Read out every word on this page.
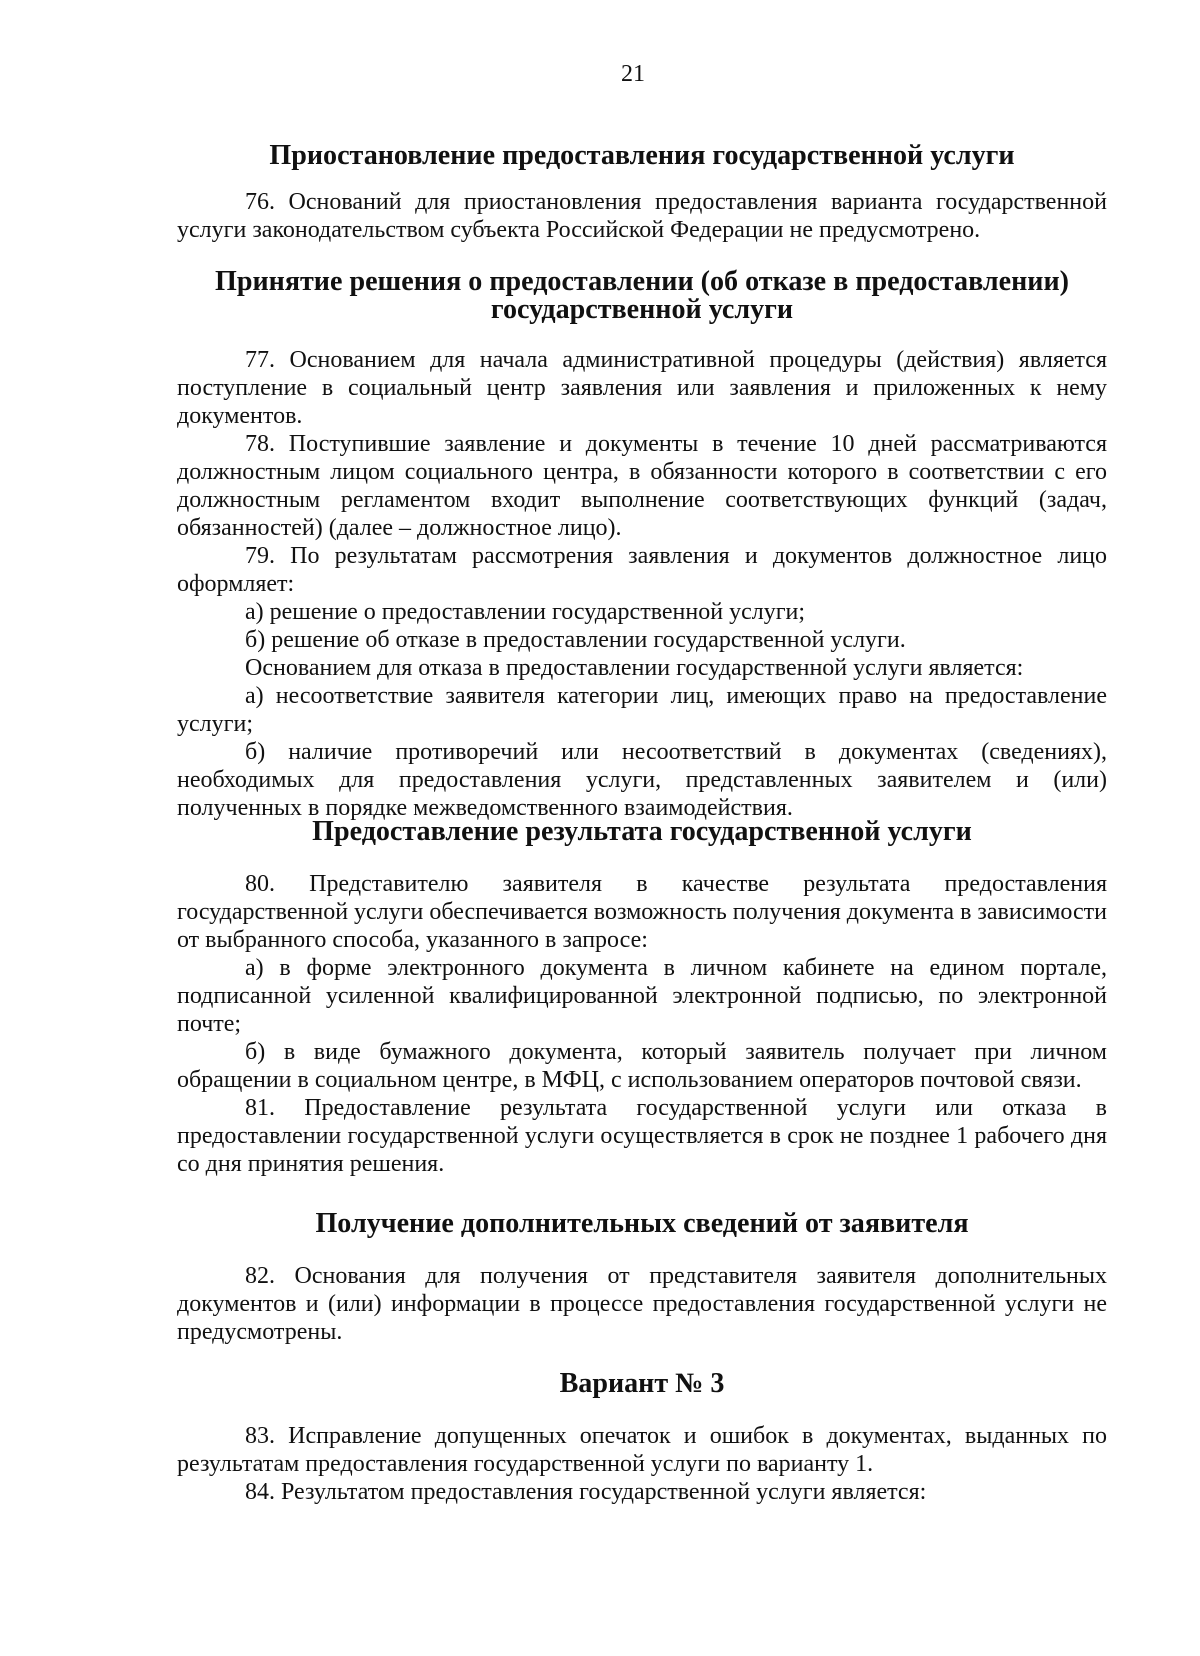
21
Приостановление предоставления государственной услуги

76. Оснований для приостановления предоставления варианта государственной услуги законодательством субъекта Российской Федерации не предусмотрено.

Принятие решения о предоставлении (об отказе в предоставлении)
государственной услуги

77. Основанием для начала административной процедуры (действия) является поступление в социальный центр заявления или заявления и приложенных к нему документов.

78. Поступившие заявление и документы в течение 10 дней рассматриваются должностным лицом социального центра, в обязанности которого в соответствии с его должностным регламентом входит выполнение соответствующих функций (задач, обязанностей) (далее – должностное лицо).

79. По результатам рассмотрения заявления и документов должностное лицо оформляет:

а) решение о предоставлении государственной услуги;

б) решение об отказе в предоставлении государственной услуги.

Основанием для отказа в предоставлении государственной услуги является:

а) несоответствие заявителя категории лиц, имеющих право на предоставление услуги;

б) наличие противоречий или несоответствий в документах (сведениях), необходимых для предоставления услуги, представленных заявителем и (или) полученных в порядке межведомственного взаимодействия.

Предоставление результата государственной услуги

80. Представителю заявителя в качестве результата предоставления государственной услуги обеспечивается возможность получения документа в зависимости от выбранного способа, указанного в запросе:

а) в форме электронного документа в личном кабинете на едином портале, подписанной усиленной квалифицированной электронной подписью, по электронной почте;

б) в виде бумажного документа, который заявитель получает при личном обращении в социальном центре, в МФЦ, с использованием операторов почтовой связи.

81. Предоставление результата государственной услуги или отказа в предоставлении государственной услуги осуществляется в срок не позднее 1 рабочего дня со дня принятия решения.

Получение дополнительных сведений от заявителя

82. Основания для получения от представителя заявителя дополнительных документов и (или) информации в процессе предоставления государственной услуги не предусмотрены.

Вариант № 3

83. Исправление допущенных опечаток и ошибок в документах, выданных по результатам предоставления государственной услуги по варианту 1.

84. Результатом предоставления государственной услуги является:
